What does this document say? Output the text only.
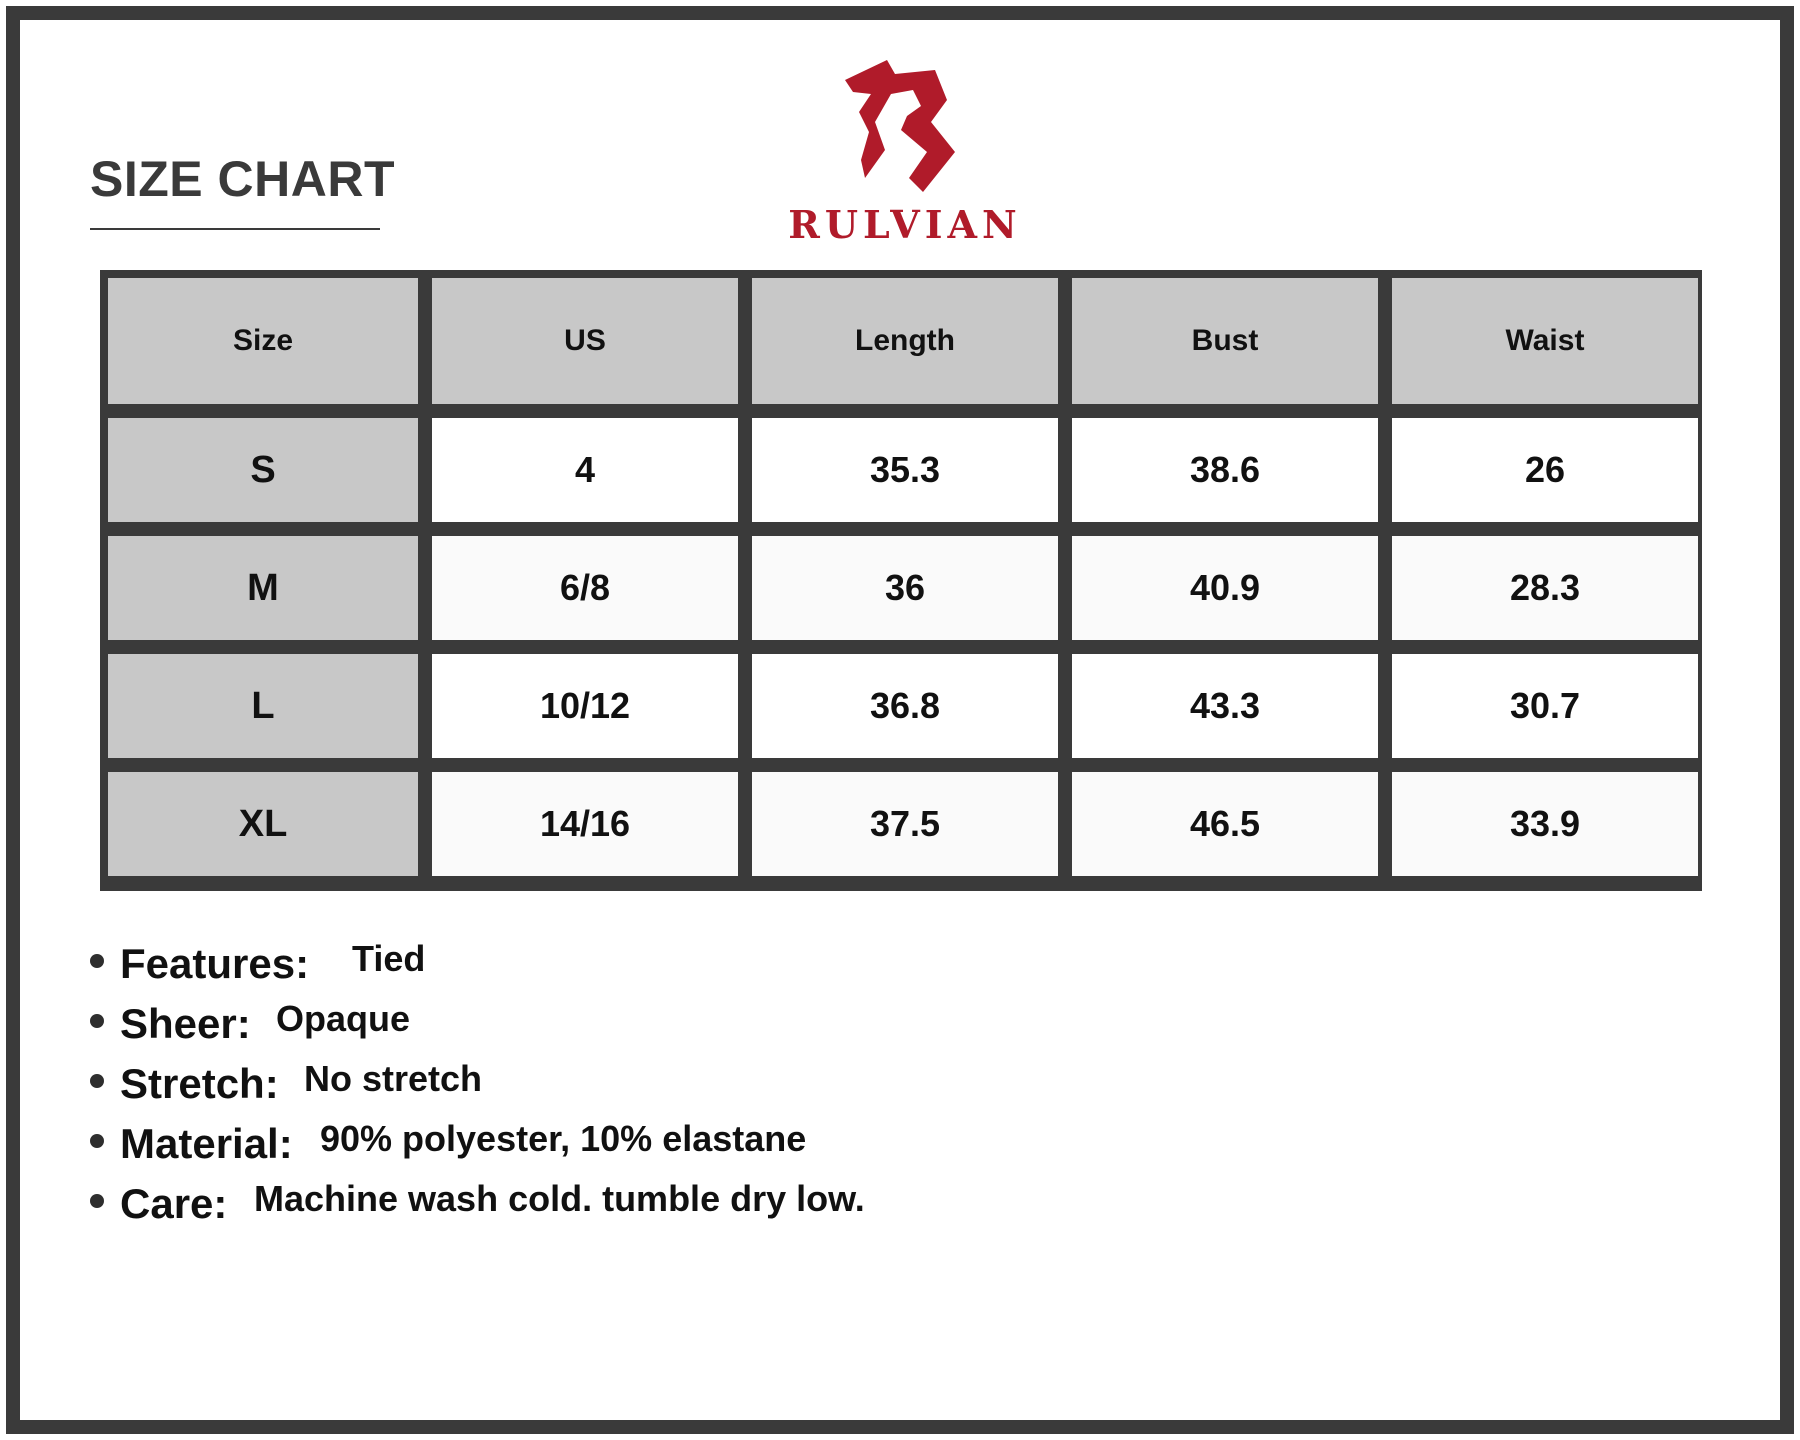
SIZE CHART
RULVIAN
Size	US	Length	Bust	Waist
S	4	35.3	38.6	26
M	6/8	36	40.9	28.3
L	10/12	36.8	43.3	30.7
XL	14/16	37.5	46.5	33.9
Features: Tied
Sheer: Opaque
Stretch: No stretch
Material: 90% polyester, 10% elastane
Care: Machine wash cold. tumble dry low.
